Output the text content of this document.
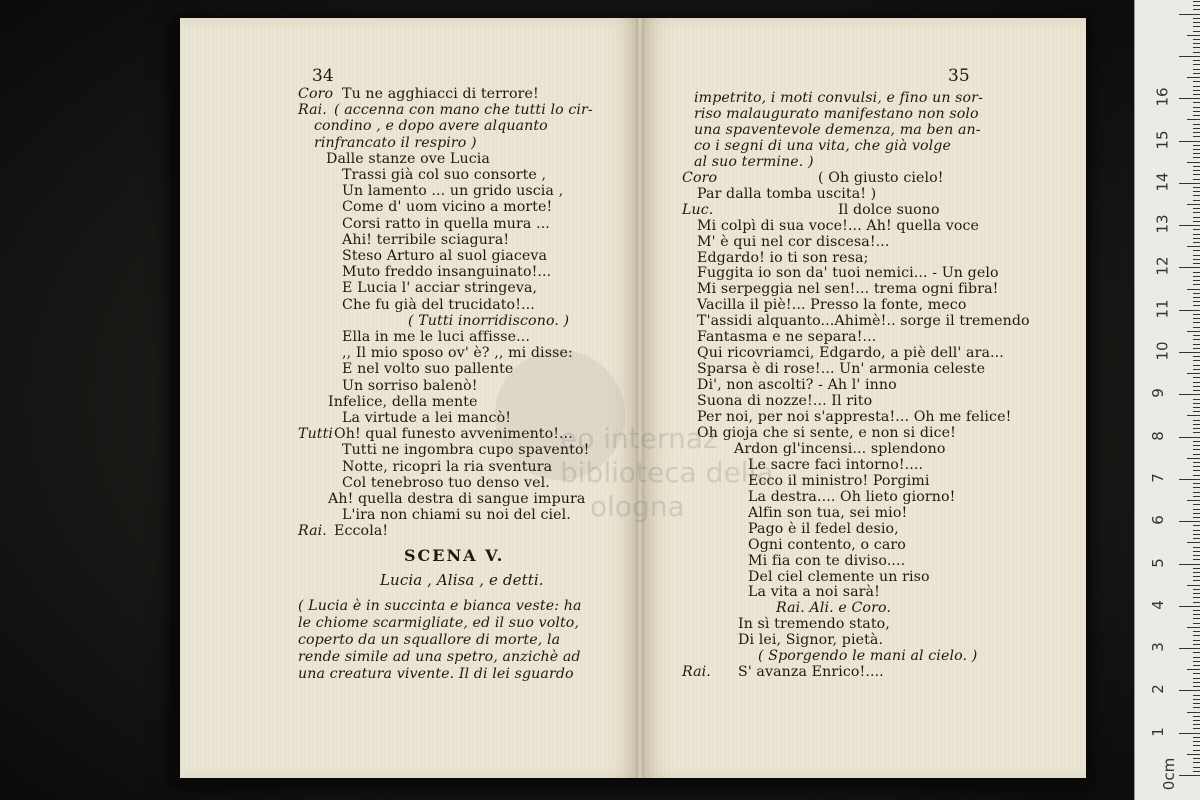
eo internaz
biblioteca della
ologna
34
Coro Tu ne agghiacci di terrore!
Rai. ( accenna con mano che tutti lo cir-
condino , e dopo avere alquanto
rinfrancato il respiro )
Dalle stanze ove Lucia
Trassi già col suo consorte ,
Un lamento ... un grido uscia ,
Come d' uom vicino a morte!
Corsi ratto in quella mura ...
Ahi! terribile sciagura!
Steso Arturo al suol giaceva
Muto freddo insanguinato!...
E Lucia l' acciar stringeva,
Che fu già del trucidato!...
( Tutti inorridiscono. )
Ella in me le luci affisse...
,, Il mio sposo ov' è? ,, mi disse:
E nel volto suo pallente
Un sorriso balenò!
Infelice, della mente
La virtude a lei mancò!
Tutti Oh! qual funesto avvenimento!...
Tutti ne ingombra cupo spavento!
Notte, ricopri la ria sventura
Col tenebroso tuo denso vel.
Ah! quella destra di sangue impura
L'ira non chiami su noi del ciel.
Rai. Eccola!
SCENA V.
Lucia , Alisa , e detti.
( Lucia è in succinta e bianca veste: ha
le chiome scarmigliate, ed il suo volto,
coperto da un squallore di morte, la
rende simile ad una spetro, anzichè ad
una creatura vivente. Il di lei sguardo
35
impetrito, i moti convulsi, e fino un sor-
riso malaugurato manifestano non solo
una spaventevole demenza, ma ben an-
co i segni di una vita, che già volge
al suo termine. )
Coro	( Oh giusto cielo!
Par dalla tomba uscita! )
Luc.	Il dolce suono
Mi colpì di sua voce!... Ah! quella voce
M' è qui nel cor discesa!...
Edgardo! io ti son resa;
Fuggita io son da' tuoi nemici... - Un gelo
Mi serpeggia nel sen!... trema ogni fibra!
Vacilla il piè!... Presso la fonte, meco
T'assidi alquanto...Ahimè!.. sorge il tremendo
Fantasma e ne separa!...
Qui ricovriamci, Edgardo, a piè dell' ara...
Sparsa è di rose!... Un' armonia celeste
Di', non ascolti? - Ah l' inno
Suona di nozze!... Il rito
Per noi, per noi s'appresta!... Oh me felice!
Oh gioja che si sente, e non si dice!
Ardon gl'incensi... splendono
Le sacre faci intorno!....
Ecco il ministro! Porgimi
La destra.... Oh lieto giorno!
Alfin son tua, sei mio!
Pago è il fedel desio,
Ogni contento, o caro
Mi fia con te diviso....
Del ciel clemente un riso
La vita a noi sarà!
Rai. Ali. e Coro.
In sì tremendo stato,
Di lei, Signor, pietà.
( Sporgendo le mani al cielo. )
Rai. S' avanza Enrico!....
0cm
1
2
3
4
5
6
7
8
9
10
11
12
13
14
15
16
